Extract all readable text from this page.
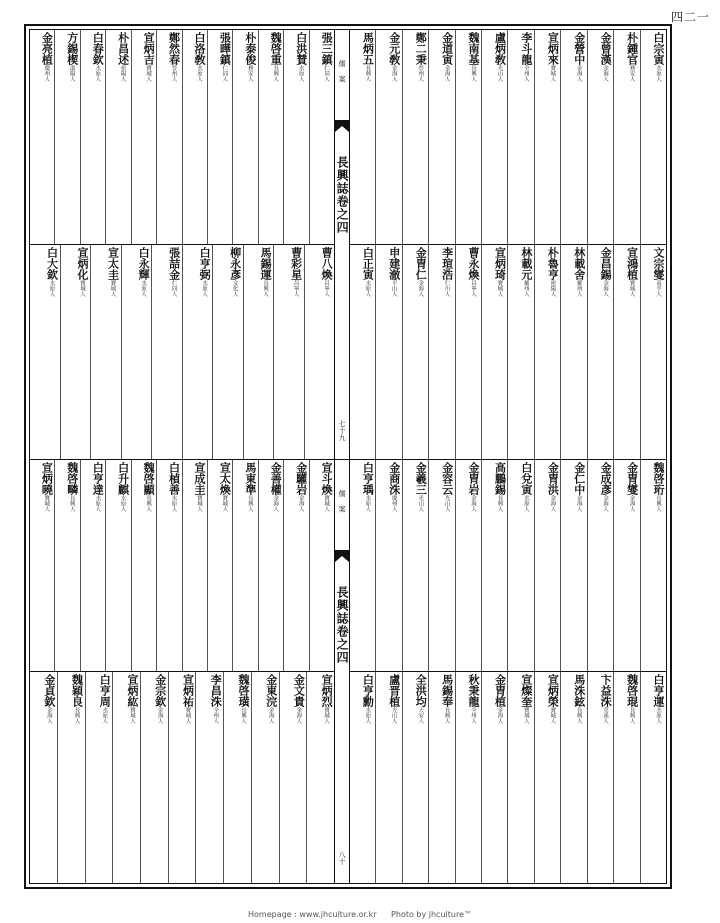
四二一
白宗寅水原人
朴鍾官務安人
金曾漢金海人
金營中金海人
宣炳來寶城人
李斗龍全州人
盧炳敎光山人
魏南基長興人
金道寅金海人
鄭二秉晉州人
金元敎金海人
馬炳五長興人
文宗燮南平人
宣鴻植寶城人
金昌錫金海人
林載舍羅州人
朴魯亨密陽人
林載元羅州人
宣炳琦寶城人
曹永煥昌寧人
李瑄浩仁川人
金胄仁金海人
申建澈平山人
白正寅水原人
儒 案
長興誌卷之四
七十九
張三鎮仁同人
白洪賛水原人
魏啓重長興人
朴泰俊務安人
張曄鎮仁同人
白洛敎水原人
鄭然春晉州人
宣炳吉寶城人
朴昌述密陽人
白春欽水原人
方錫楔溫陽人
金亮植慶州人
曹八煥昌寧人
曹彩星昌寧人
馬錫運長興人
柳永彥文化人
白亨弼水原人
張喆金仁同人
白永輝水原人
宣太圭寶城人
宣炳化寶城人
白大欽水原人
魏啓珩長興人
金胄燮金海人
金成彥金海人
金仁中金海人
金胄洪金海人
白兌寅水原人
高鵬錫長興人
金胄岩金海人
金容云光山人
金羲三光山人
金商洙慶州人
白亨瑀水原人
白亨運水原人
魏啓琨長興人
卞益洙草溪人
馬洙鉉長興人
宣炳榮寶城人
宣燦奎寶城人
金胄植金海人
秋秉龍全州人
馬錫奉長興人
全洪均天安人
盧晋植光山人
白亨勳水原人
儒 案
長興誌卷之四
八十
宣斗煥寶城人
金驩岩金海人
金善權金海人
馬東準長興人
宣太煥寶城人
宣成圭寶城人
白楨善水原人
魏啓顯長興人
白升麒水原人
白亨達水原人
魏啓疄長興人
宣炳曉寶城人
宣炳烈寶城人
金文貴金海人
金東浣金海人
魏啓璜長興人
李昌洙全州人
宣炳祐寶城人
金宗欽金海人
宣炳紘寶城人
白亨周水原人
魏穎良長興人
金貞欽金海人
Homepage : www.jhculture.or.kr Photo by jhculture™
